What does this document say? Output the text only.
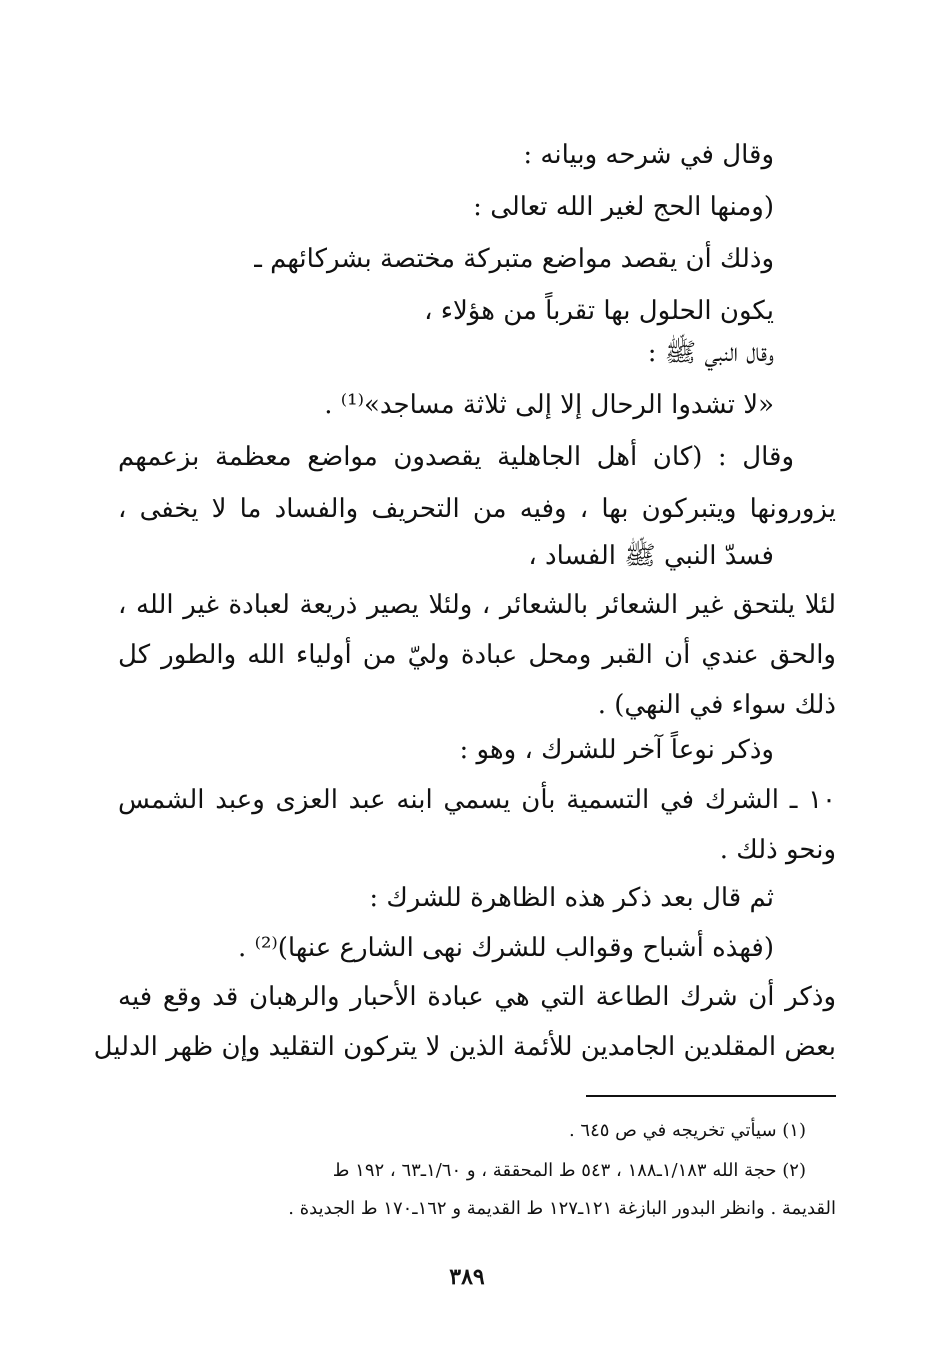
وقال في شرحه وبيانه :
(ومنها الحج لغير الله تعالى :
وذلك أن يقصد مواضع متبركة مختصة بشركائهم ـ
يكون الحلول بها تقرباً من هؤلاء ،
وقال النبي ﷺ :
«لا تشدوا الرحال إلا إلى ثلاثة مساجد»⁽¹⁾ .
وقال : (كان أهل الجاهلية يقصدون مواضع معظمة بزعمهم
يزورونها ويتبركون بها ، وفيه من التحريف والفساد ما لا يخفى ،
فسدّ النبي ﷺ الفساد ،
لئلا يلتحق غير الشعائر بالشعائر ، ولئلا يصير ذريعة لعبادة غير الله ،
والحق عندي أن القبر ومحل عبادة وليّ من أولياء الله والطور كل
ذلك سواء في النهي) .
وذكر نوعاً آخر للشرك ، وهو :
١٠ ـ الشرك في التسمية بأن يسمي ابنه عبد العزى وعبد الشمس
ونحو ذلك .
ثم قال بعد ذكر هذه الظاهرة للشرك :
(فهذه أشباح وقوالب للشرك نهى الشارع عنها)⁽²⁾ .
وذكر أن شرك الطاعة التي هي عبادة الأحبار والرهبان قد وقع فيه
بعض المقلدين الجامدين للأئمة الذين لا يتركون التقليد وإن ظهر الدليل
(١) سيأتي تخريجه في ص ٦٤٥ .
(٢) حجة الله ١/١٨٣ـ١٨٨ ، ٥٤٣ ط المحققة ، و ١/٦٠ـ٦٣ ، ١٩٢ ط
القديمة . وانظر البدور البازغة ١٢١ـ١٢٧ ط القديمة و ١٦٢ـ١٧٠ ط الجديدة .
٣٨٩
